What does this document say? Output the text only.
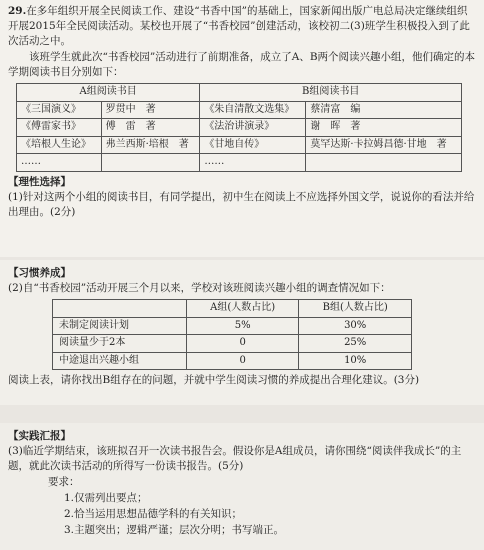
29.在多年组织开展全民阅读工作、建设“书香中国”的基础上，国家新闻出版广电总局决定继续组织开展2015年全民阅读活动。某校也开展了“书香校园”创建活动，该校初二(3)班学生积极投入到了此次活动之中。

该班学生就此次“书香校园”活动进行了前期准备，成立了A、B两个阅读兴趣小组，他们确定的本学期阅读书目分别如下：

A组阅读书目		B组阅读书目	
《三国演义》	罗贯中　著	《朱自清散文选集》	蔡清富　编
《傅雷家书》	傅　雷　著	《法治讲演录》	谢　晖　著
《培根人生论》	弗兰西斯·培根　著	《甘地自传》	莫罕达斯·卡拉姆昌德·甘地　著
……		……	

【理性选择】

(1)针对这两个小组的阅读书目，有同学提出，初中生在阅读上不应选择外国文学，说说你的看法并给出理由。(2分)

【习惯养成】

(2)自“书香校园”活动开展三个月以来，学校对该班阅读兴趣小组的调查情况如下：

	A组(人数占比)	B组(人数占比)
未制定阅读计划	5%	30%
阅读量少于2本	0	25%
中途退出兴趣小组	0	10%

阅读上表，请你找出B组存在的问题，并就中学生阅读习惯的养成提出合理化建议。(3分)

【实践汇报】

(3)临近学期结束，该班拟召开一次读书报告会。假设你是A组成员，请你围绕“阅读伴我成长”的主题，就此次读书活动的所得写一份读书报告。(5分)

要求：

1.仅需列出要点；

2.恰当运用思想品德学科的有关知识；

3.主题突出；逻辑严谨；层次分明；书写端正。
